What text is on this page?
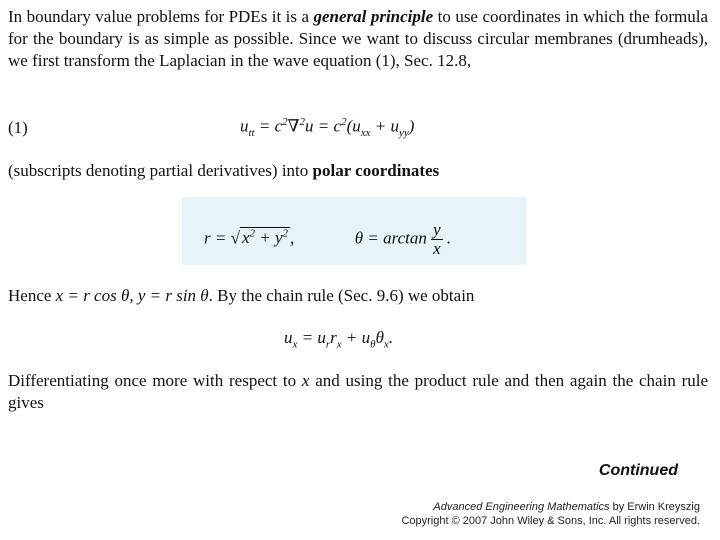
In boundary value problems for PDEs it is a general principle to use coordinates in which the formula for the boundary is as simple as possible. Since we want to discuss circular membranes (drumheads), we first transform the Laplacian in the wave equation (1), Sec. 12.8,
(1)	$u_{tt} = c^2\nabla^2u = c^2(u_{xx} + u_{yy})$
(subscripts denoting partial derivatives) into polar coordinates
r = √ $x^2 + y^2$ ,	$\theta = \arctan \frac{y}{x}$ .
Hence x = r cos θ, y = r sin θ. By the chain rule (Sec. 9.6) we obtain
$u_x = u_rr_x + u_\theta\theta_x$.
Differentiating once more with respect to x and using the product rule and then again the chain rule gives
Continued
Advanced Engineering Mathematics by Erwin Kreyszig
Copyright © 2007 John Wiley & Sons, Inc. All rights reserved.
